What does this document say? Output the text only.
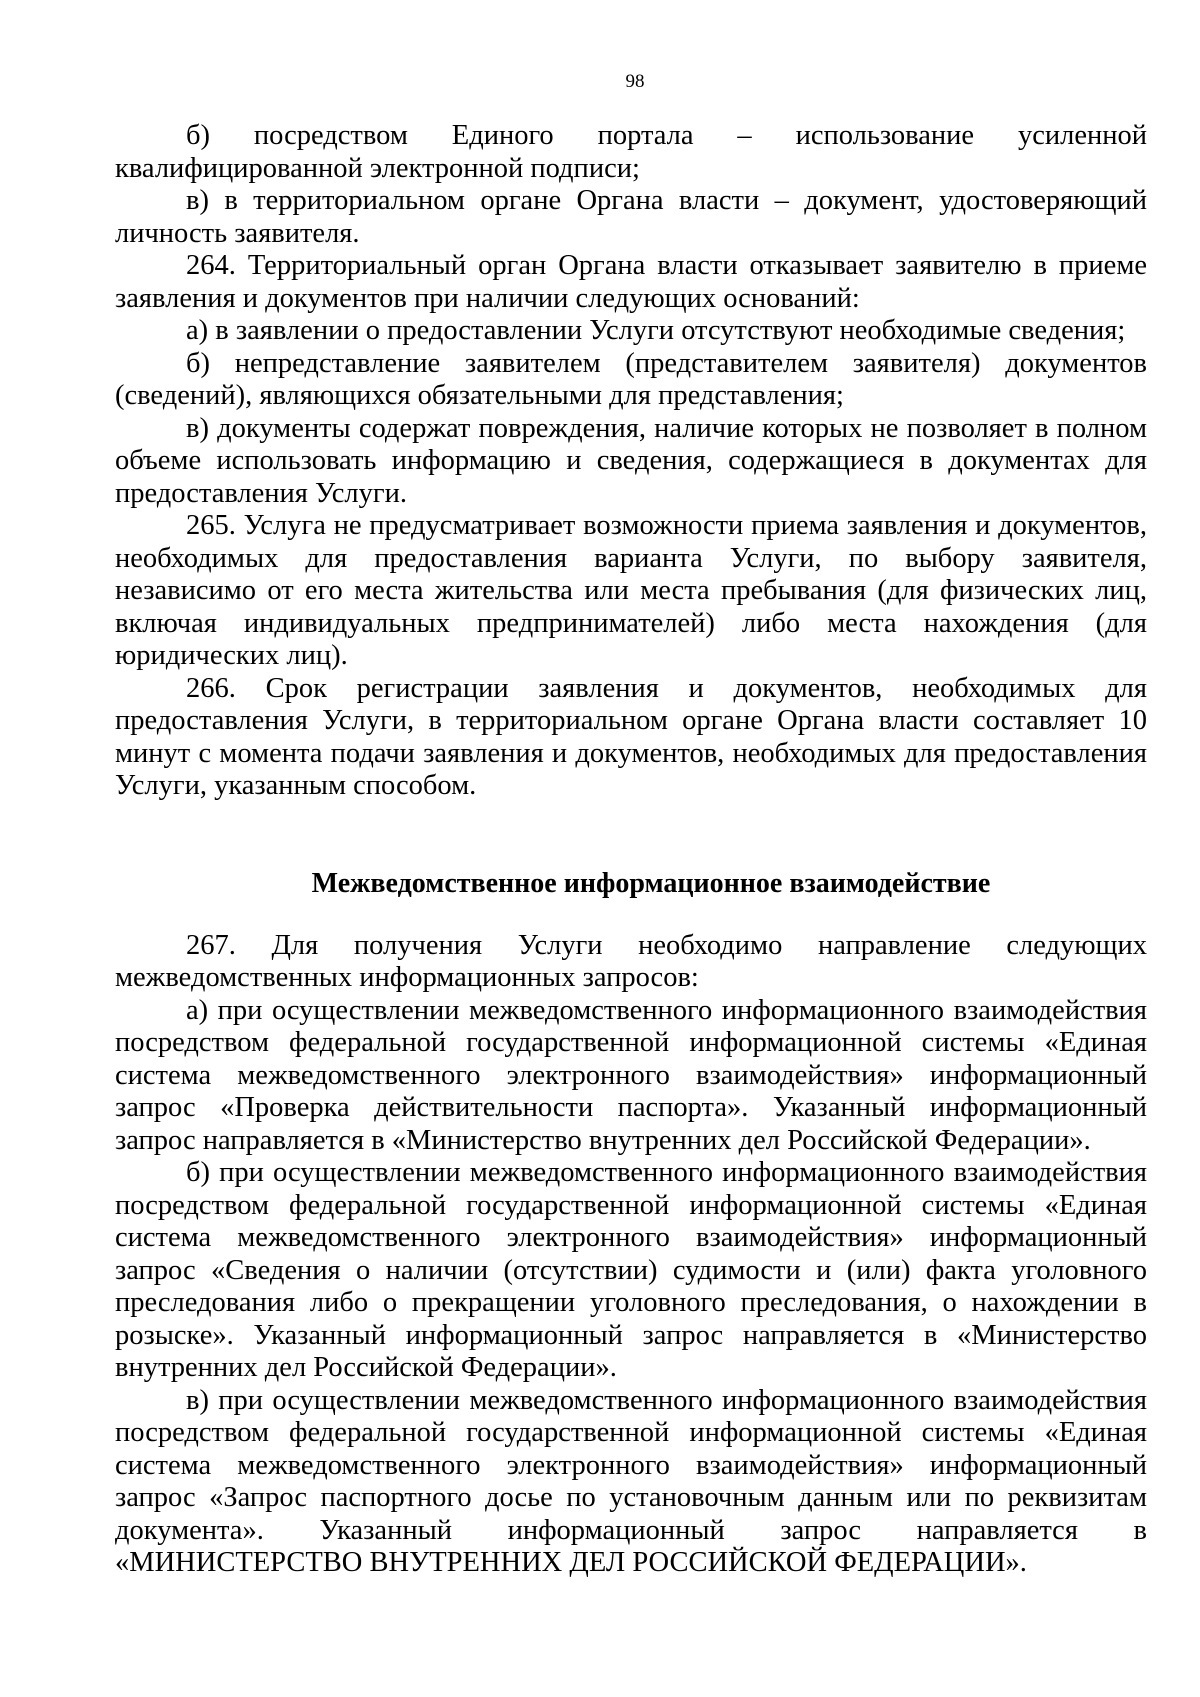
98

б) посредством Единого портала – использование усиленной квалифицированной электронной подписи;

в) в территориальном органе Органа власти – документ, удостоверяющий личность заявителя.

264. Территориальный орган Органа власти отказывает заявителю в приеме заявления и документов при наличии следующих оснований:

а) в заявлении о предоставлении Услуги отсутствуют необходимые сведения;

б) непредставление заявителем (представителем заявителя) документов (сведений), являющихся обязательными для представления;

в) документы содержат повреждения, наличие которых не позволяет в полном объеме использовать информацию и сведения, содержащиеся в документах для предоставления Услуги.

265. Услуга не предусматривает возможности приема заявления и документов, необходимых для предоставления варианта Услуги, по выбору заявителя, независимо от его места жительства или места пребывания (для физических лиц, включая индивидуальных предпринимателей) либо места нахождения (для юридических лиц).

266. Срок регистрации заявления и документов, необходимых для предоставления Услуги, в территориальном органе Органа власти составляет 10 минут с момента подачи заявления и документов, необходимых для предоставления Услуги, указанным способом.

Межведомственное информационное взаимодействие

267. Для получения Услуги необходимо направление следующих межведомственных информационных запросов:

а) при осуществлении межведомственного информационного взаимодействия посредством федеральной государственной информационной системы «Единая система межведомственного электронного взаимодействия» информационный запрос «Проверка действительности паспорта». Указанный информационный запрос направляется в «Министерство внутренних дел Российской Федерации».

б) при осуществлении межведомственного информационного взаимодействия посредством федеральной государственной информационной системы «Единая система межведомственного электронного взаимодействия» информационный запрос «Сведения о наличии (отсутствии) судимости и (или) факта уголовного преследования либо о прекращении уголовного преследования, о нахождении в розыске». Указанный информационный запрос направляется в «Министерство внутренних дел Российской Федерации».

в) при осуществлении межведомственного информационного взаимодействия посредством федеральной государственной информационной системы «Единая система межведомственного электронного взаимодействия» информационный запрос «Запрос паспортного досье по установочным данным или по реквизитам документа». Указанный информационный запрос направляется в «МИНИСТЕРСТВО ВНУТРЕННИХ ДЕЛ РОССИЙСКОЙ ФЕДЕРАЦИИ».
